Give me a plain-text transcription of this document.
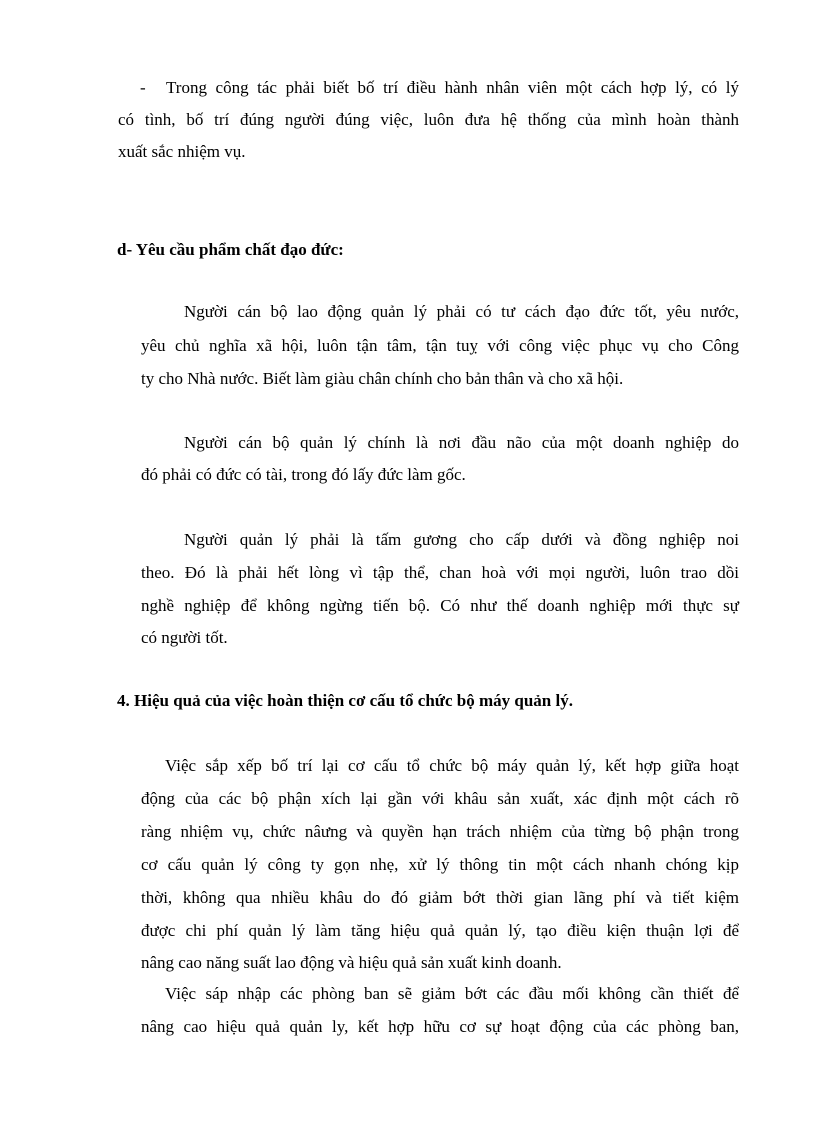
- Trong công tác phải biết bố trí điều hành nhân viên một cách hợp lý, có lý
có tình, bố trí đúng người đúng việc, luôn đưa hệ thống của mình hoàn thành
xuất sắc nhiệm vụ.
d- Yêu cầu phẩm chất đạo đức:
Người cán bộ lao động quản lý phải có tư cách đạo đức tốt, yêu nước,
yêu chủ nghĩa xã hội, luôn tận tâm, tận tuỵ với công việc phục vụ cho Công
ty cho Nhà nước. Biết làm giàu chân chính cho bản thân và cho xã hội.
Người cán bộ quản lý chính là nơi đầu não của một doanh nghiệp do
đó phải có đức có tài, trong đó lấy đức làm gốc.
Người quản lý phải là tấm gương cho cấp dưới và đồng nghiệp noi
theo. Đó là phải hết lòng vì tập thể, chan hoà với mọi người, luôn trao dồi
nghề nghiệp để không ngừng tiến bộ. Có như thế doanh nghiệp mới thực sự
có người tốt.
4. Hiệu quả của việc hoàn thiện cơ cấu tổ chức bộ máy quản lý.
Việc sắp xếp bố trí lại cơ cấu tổ chức bộ máy quản lý, kết hợp giữa hoạt
động của các bộ phận xích lại gần với khâu sản xuất, xác định một cách rõ
ràng nhiệm vụ, chức nâưng và quyền hạn trách nhiệm của từng bộ phận trong
cơ cấu quản lý công ty gọn nhẹ, xử lý thông tin một cách nhanh chóng kịp
thời, không qua nhiều khâu do đó giảm bớt thời gian lãng phí và tiết kiệm
được chi phí quản lý làm tăng hiệu quả quản lý, tạo điều kiện thuận lợi để
nâng cao năng suất lao động và hiệu quả sản xuất kinh doanh.
Việc sáp nhập các phòng ban sẽ giảm bớt các đầu mối không cần thiết để
nâng cao hiệu quả quản ly, kết hợp hữu cơ sự hoạt động của các phòng ban,
